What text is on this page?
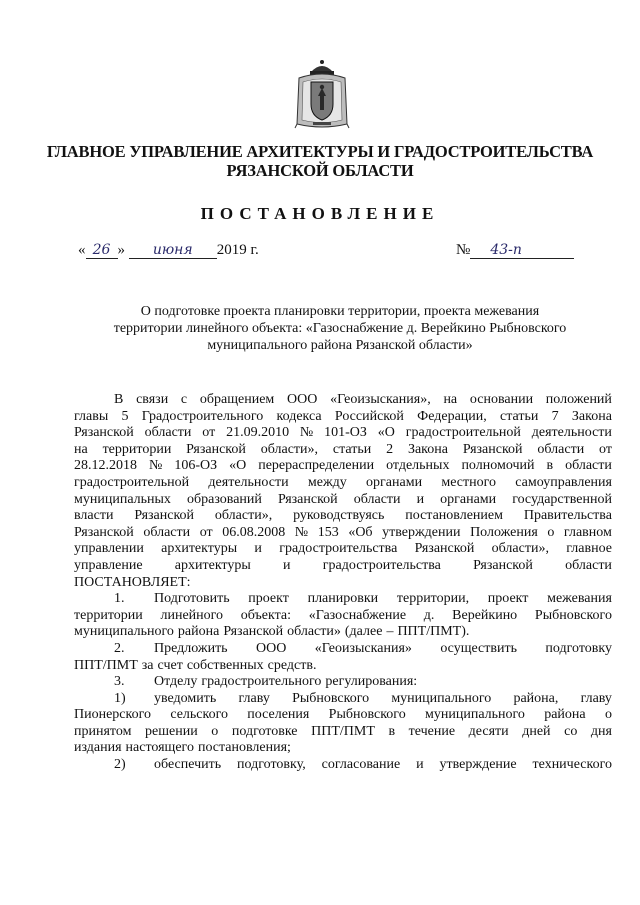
ГЛАВНОЕ УПРАВЛЕНИЕ АРХИТЕКТУРЫ И ГРАДОСТРОИТЕЛЬСТВА
РЯЗАНСКОЙ ОБЛАСТИ
ПОСТАНОВЛЕНИЕ
« 26 » июня 2019 г.	№ 43-п
О подготовке проекта планировки территории, проекта межевания
территории линейного объекта: «Газоснабжение д. Верейкино Рыбновского
муниципального района Рязанской области»
В связи с обращением ООО «Геоизыскания», на основании положений
главы 5 Градостроительного кодекса Российской Федерации, статьи 7 Закона
Рязанской области от 21.09.2010 № 101-ОЗ «О градостроительной деятельности
на территории Рязанской области», статьи 2 Закона Рязанской области от
28.12.2018 № 106-ОЗ «О перераспределении отдельных полномочий в области
градостроительной деятельности между органами местного самоуправления
муниципальных образований Рязанской области и органами государственной
власти Рязанской области», руководствуясь постановлением Правительства
Рязанской области от 06.08.2008 № 153 «Об утверждении Положения о главном
управлении архитектуры и градостроительства Рязанской области», главное
управление архитектуры и градостроительства Рязанской области
ПОСТАНОВЛЯЕТ:
1.	Подготовить проект планировки территории, проект межевания
территории линейного объекта: «Газоснабжение д. Верейкино Рыбновского
муниципального района Рязанской области» (далее – ППТ/ПМТ).
2.	Предложить ООО «Геоизыскания» осуществить подготовку
ППТ/ПМТ за счет собственных средств.
3.	Отделу градостроительного регулирования:
1)	уведомить главу Рыбновского муниципального района, главу
Пионерского сельского поселения Рыбновского муниципального района о
принятом решении о подготовке ППТ/ПМТ в течение десяти дней со дня
издания настоящего постановления;
2)	обеспечить подготовку, согласование и утверждение технического
